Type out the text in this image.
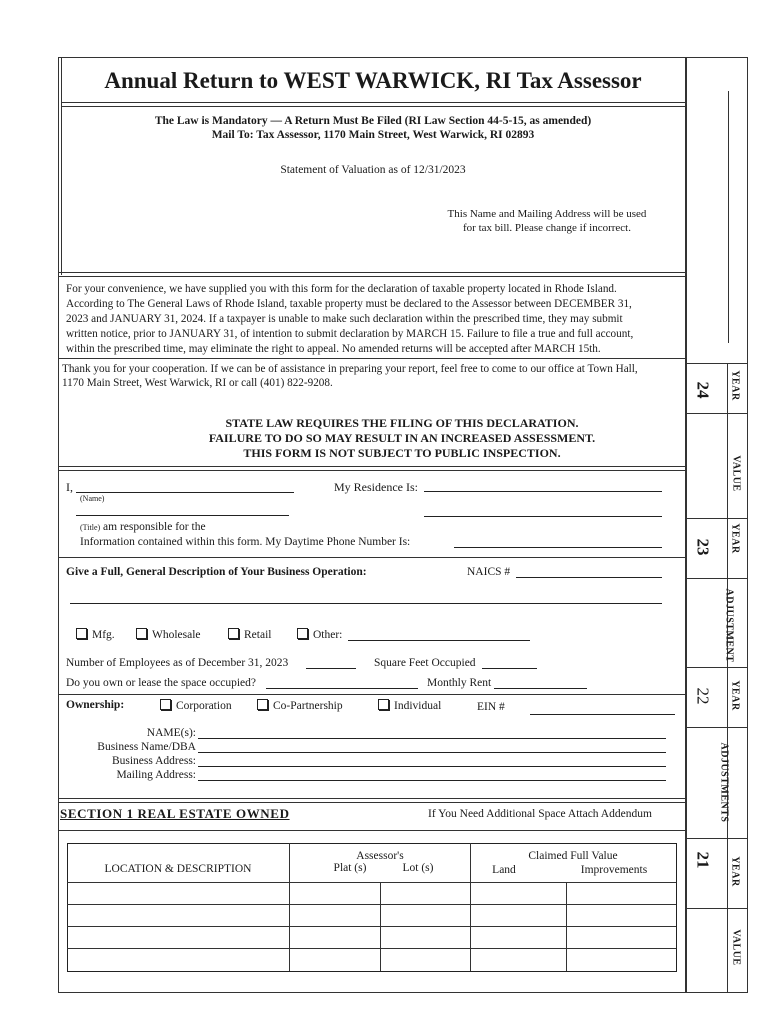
Annual Return to WEST WARWICK, RI Tax Assessor
The Law is Mandatory — A Return Must Be Filed (RI Law Section 44-5-15, as amended)
Mail To: Tax Assessor, 1170 Main Street, West Warwick, RI 02893
Statement of Valuation as of 12/31/2023
This Name and Mailing Address will be used
for tax bill. Please change if incorrect.
For your convenience, we have supplied you with this form for the declaration of taxable property located in Rhode Island.
According to The General Laws of Rhode Island, taxable property must be declared to the Assessor between DECEMBER 31,
2023 and JANUARY 31, 2024. If a taxpayer is unable to make such declaration within the prescribed time, they may submit
written notice, prior to JANUARY 31, of intention to submit declaration by MARCH 15. Failure to file a true and full account,
within the prescribed time, may eliminate the right to appeal. No amended returns will be accepted after MARCH 15th.
Thank you for your cooperation. If we can be of assistance in preparing your report, feel free to come to our office at Town Hall,
1170 Main Street, West Warwick, RI or call (401) 822-9208.
STATE LAW REQUIRES THE FILING OF THIS DECLARATION.
FAILURE TO DO SO MAY RESULT IN AN INCREASED ASSESSMENT.
THIS FORM IS NOT SUBJECT TO PUBLIC INSPECTION.
I,
(Name)
My Residence Is:
(Title) am responsible for the
Information contained within this form. My Daytime Phone Number Is:
Give a Full, General Description of Your Business Operation:	NAICS #
Mfg.	Wholesale	Retail	Other:
Number of Employees as of December 31, 2023	Square Feet Occupied
Do you own or lease the space occupied?	Monthly Rent
Ownership:	Corporation	Co-Partnership	Individual	EIN #
NAME(s):
Business Name/DBA
Business Address:
Mailing Address:
SECTION 1 REAL ESTATE OWNED	If You Need Additional Space Attach Addendum
LOCATION & DESCRIPTION
Assessor's
Plat (s)	Lot (s)
Claimed Full Value
Land	Improvements
24 YEAR
VALUE
23 YEAR
ADJUSTMENT
22 YEAR
ADJUSTMENTS
21 YEAR
VALUE
